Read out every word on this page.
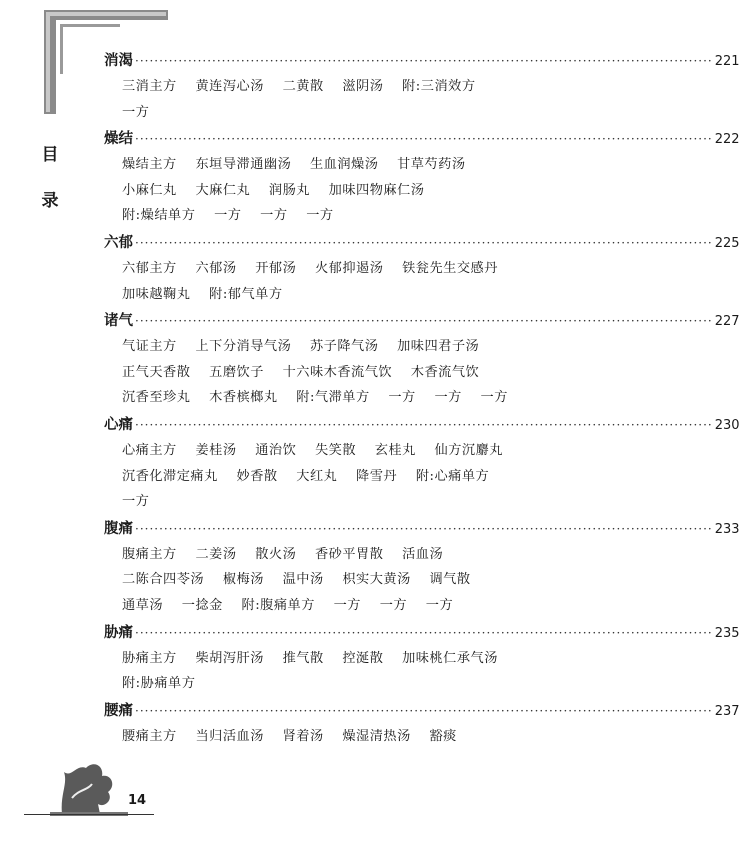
目
录
消渴 ························································································································ 221
三消主方 黄连泻心汤 二黄散 滋阴汤 附:三消效方 一方
燥结 ························································································································ 222
燥结主方 东垣导滞通幽汤 生血润燥汤 甘草芍药汤 小麻仁丸 大麻仁丸 润肠丸 加味四物麻仁汤 附:燥结单方 一方 一方 一方
六郁 ························································································································ 225
六郁主方 六郁汤 开郁汤 火郁抑遏汤 铁瓮先生交感丹 加味越鞠丸 附:郁气单方
诸气 ························································································································ 227
气证主方 上下分消导气汤 苏子降气汤 加味四君子汤 正气天香散 五磨饮子 十六味木香流气饮 木香流气饮 沉香至珍丸 木香槟榔丸 附:气滞单方 一方 一方 一方
心痛 ························································································································ 230
心痛主方 姜桂汤 通治饮 失笑散 玄桂丸 仙方沉麝丸 沉香化滞定痛丸 妙香散 大红丸 降雪丹 附:心痛单方 一方
腹痛 ························································································································ 233
腹痛主方 二姜汤 散火汤 香砂平胃散 活血汤 二陈合四苓汤 椒梅汤 温中汤 枳实大黄汤 调气散 通草汤 一捻金 附:腹痛单方 一方 一方 一方
胁痛 ························································································································ 235
胁痛主方 柴胡泻肝汤 推气散 控涎散 加味桃仁承气汤 附:胁痛单方
腰痛 ························································································································ 237
腰痛主方 当归活血汤 肾着汤 燥湿清热汤 豁痰
14
